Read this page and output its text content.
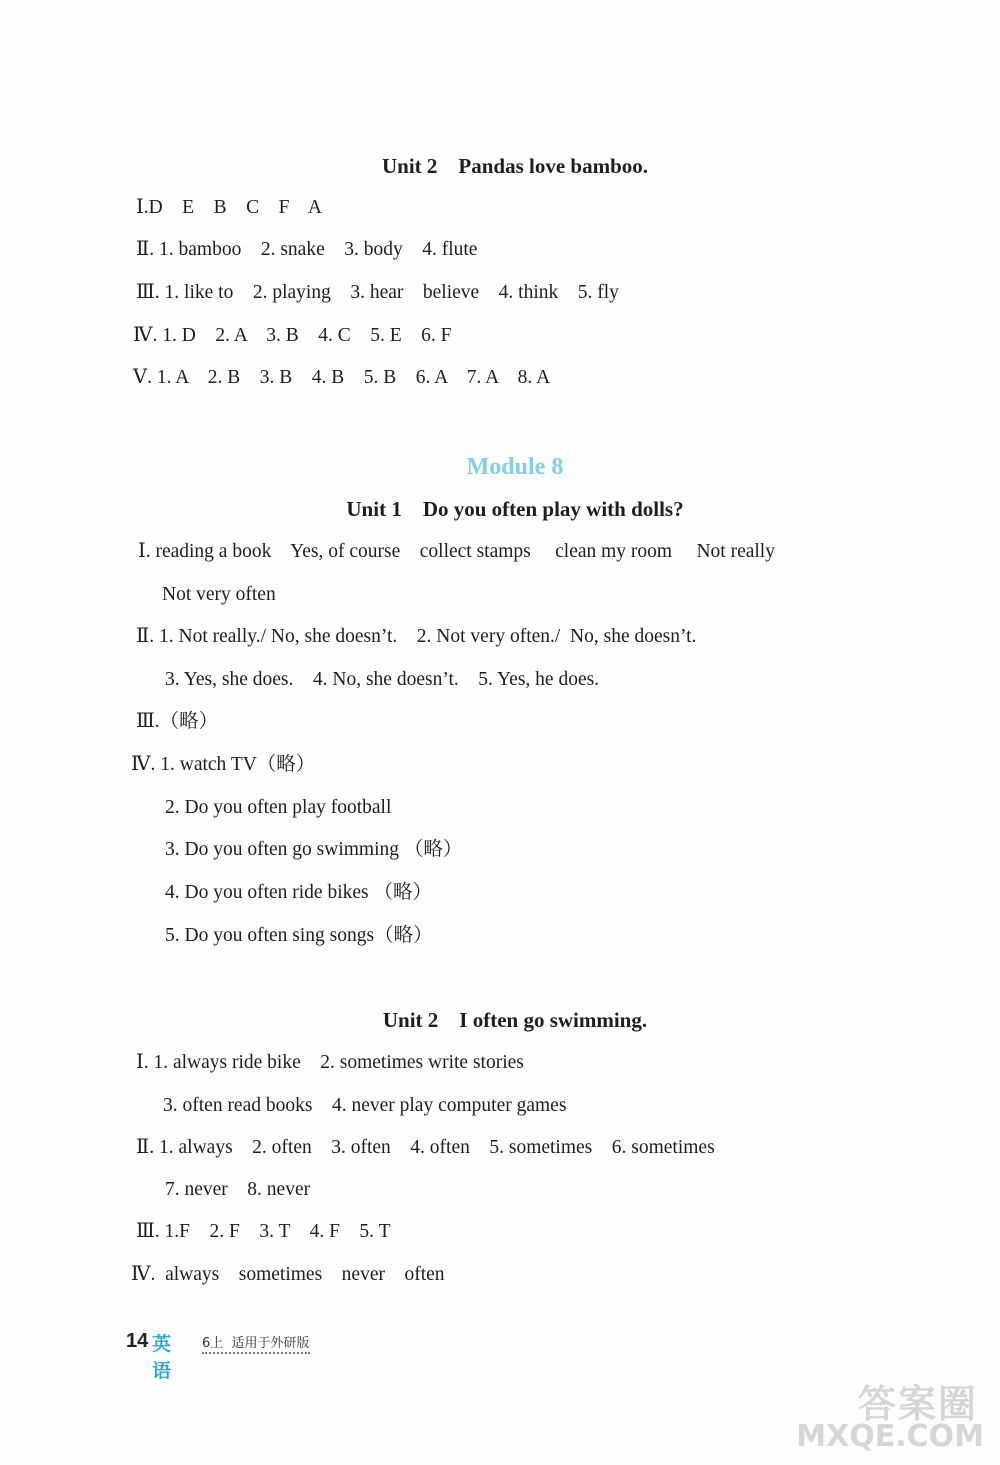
Unit 2    Pandas love bamboo.
Ⅰ.D    E    B    C    F    A
Ⅱ. 1. bamboo    2. snake    3. body    4. flute
Ⅲ. 1. like to    2. playing    3. hear    believe    4. think    5. fly
Ⅳ. 1. D    2. A    3. B    4. C    5. E    6. F
Ⅴ. 1. A    2. B    3. B    4. B    5. B    6. A    7. A    8. A
Module 8
Unit 1    Do you often play with dolls?
Ⅰ. reading a book    Yes, of course    collect stamps     clean my room     Not really
Not very often
Ⅱ. 1. Not really./ No, she doesn’t.    2. Not very often./  No, she doesn’t.
3. Yes, she does.    4. No, she doesn’t.    5. Yes, he does.
Ⅲ.（略）
Ⅳ. 1. watch TV（略）
2. Do you often play football
3. Do you often go swimming （略）
4. Do you often ride bikes （略）
5. Do you often sing songs（略）
Unit 2    I often go swimming.
Ⅰ. 1. always ride bike    2. sometimes write stories
3. often read books    4. never play computer games
Ⅱ. 1. always    2. often    3. often    4. often    5. sometimes    6. sometimes
7. never    8. never
Ⅲ. 1.F    2. F    3. T    4. F    5. T
Ⅳ.  always    sometimes    never    often
14 英语
6上  适用于外研版
答案圈
MXQE.COM
